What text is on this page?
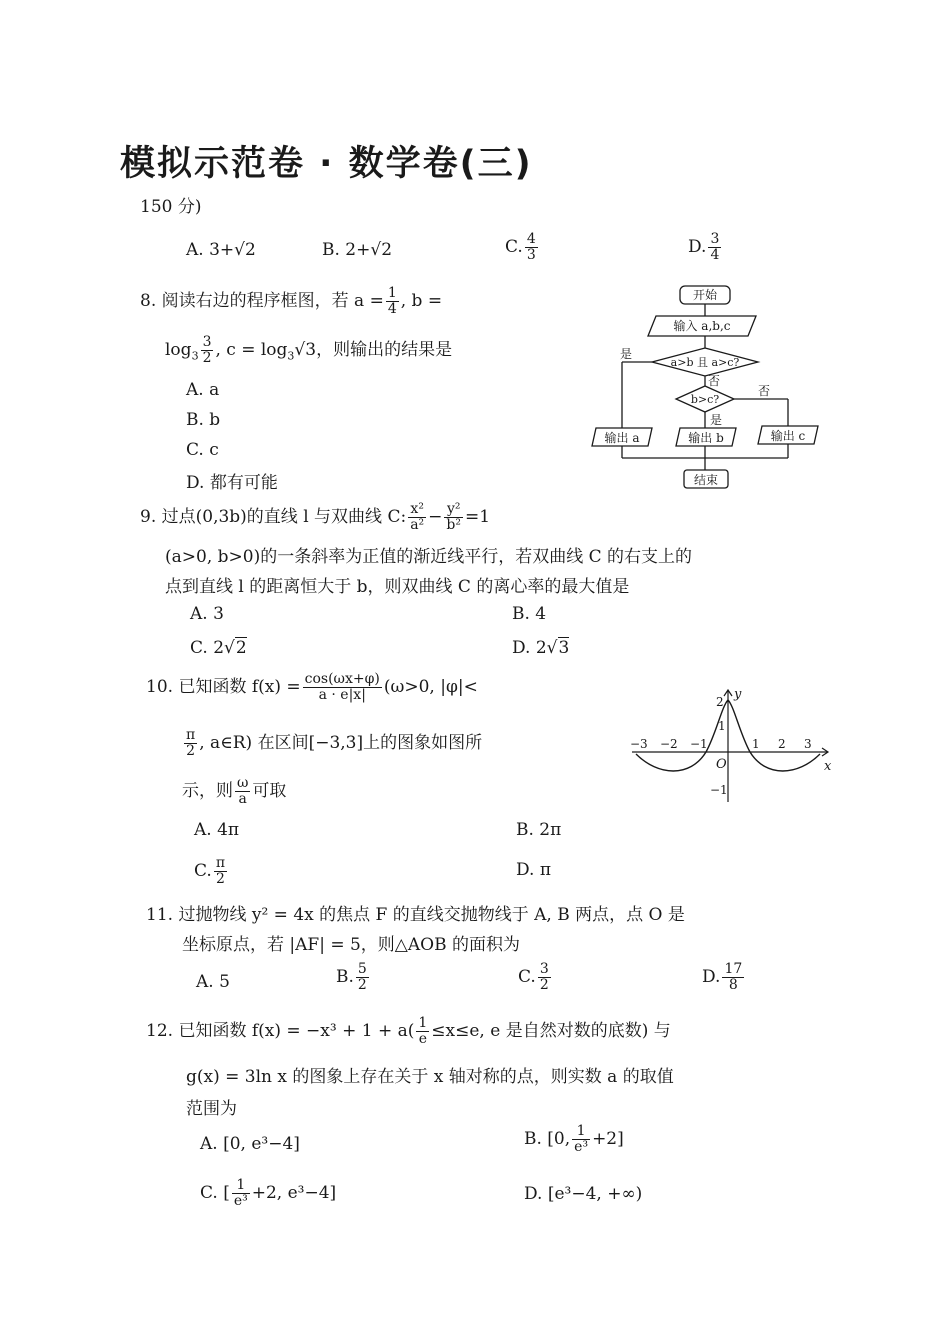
模拟示范卷 · 数学卷(三)
150 分)
A. 3+√2	B. 2+√2	C. $\frac{4}{3}$	D. $\frac{3}{4}$
8. 阅读右边的程序框图，若 $a = \frac{1}{4}$ , b =
$\log_3 \frac{3}{2}$ , $c = \log_3√3$，则输出的结果是
A. a
B. b
C. c
D. 都有可能
开始
输入 a,b,c
a>b 且 a>c?
b>c?
是
否
否
是
输出 a	输出 b	输出 c
结束
9. 过点(0,3b)的直线 l 与双曲线 C: $\frac{\text{x²}}{\text{a²}} - \frac{\text{y²}}{\text{b²}} =1$
(a>0, b>0)的一条斜率为正值的渐近线平行，若双曲线 C 的右支上的
点到直线 l 的距离恒大于 b，则双曲线 C 的离心率的最大值是
A. 3	B. 4
C. 2√2	D. 2√3
10. 已知函数 $f(x) = \frac{\cos(\omega x+\varphi)}{a \cdot e|x|} (\omega>0$, |φ|<
$\frac{\pi}{2}$ , a∈R) 在区间[−3,3]上的图象如图所
示，则 $\frac{\omega}{a}$ 可取
A. 4π	B. 2π
C. $\frac{\pi}{2}$	D. π
y
x
O
2
1
−1
−3 −2 −1	1 2 3
11. 过抛物线 y² = 4x 的焦点 F 的直线交抛物线于 A, B 两点，点 O 是
坐标原点，若 |AF| = 5，则△AOB 的面积为
A. 5	B. $\frac{5}{2}$	C. $\frac{3}{2}$	D. $\frac{17}{8}$
12. 已知函数 $f(x) = -x^3 + 1 + a( \frac{1}{e} \le x\le e$, e 是自然对数的底数) 与
g(x) = 3ln x 的图象上存在关于 x 轴对称的点，则实数 a 的取值
范围为
A. [0, e³−4]	B. [0, $\frac{1}{\text{e³}} +2$]
C. [ $\frac{1}{\text{e³}} +2$, e³−4]	D. [e³−4, +∞)
